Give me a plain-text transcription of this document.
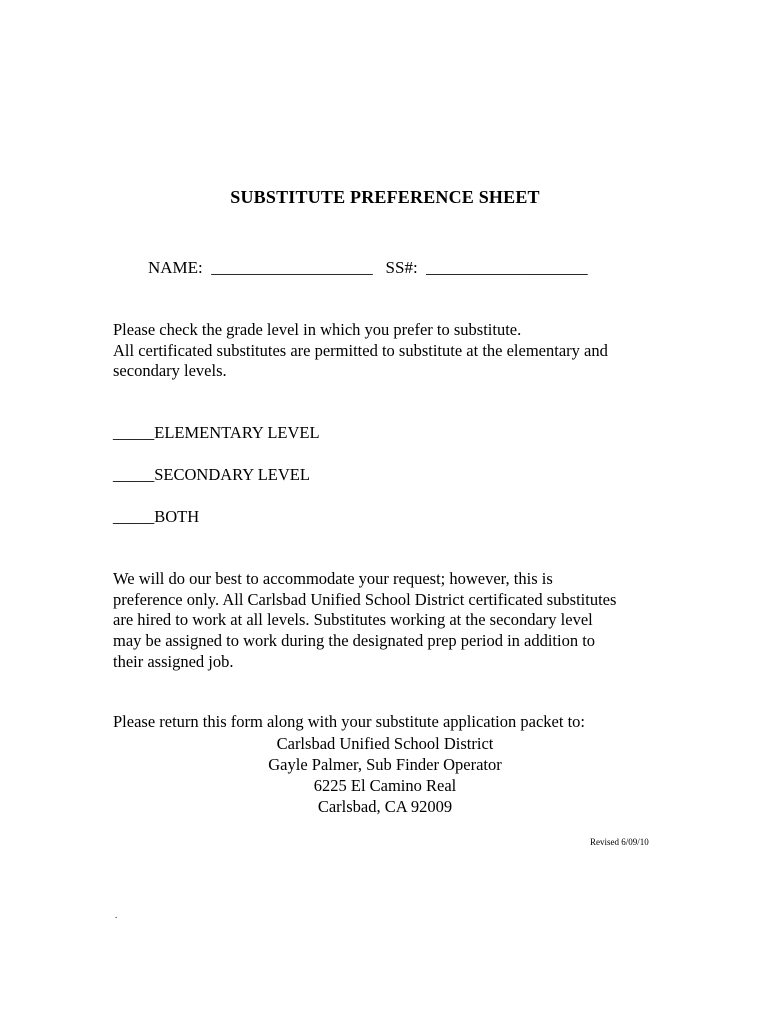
SUBSTITUTE PREFERENCE SHEET
NAME: ___________________ SS#: ___________________

Please check the grade level in which you prefer to substitute.

All certificated substitutes are permitted to substitute at the elementary and

secondary levels.

_____ELEMENTARY LEVEL
_____SECONDARY LEVEL
_____BOTH

We will do our best to accommodate your request; however, this is

preference only. All Carlsbad Unified School District certificated substitutes

are hired to work at all levels. Substitutes working at the secondary level

may be assigned to work during the designated prep period in addition to

their assigned job.

Please return this form along with your substitute application packet to:
Carlsbad Unified School District
Gayle Palmer, Sub Finder Operator
6225 El Camino Real
Carlsbad, CA 92009
Revised 6/09/10
.
